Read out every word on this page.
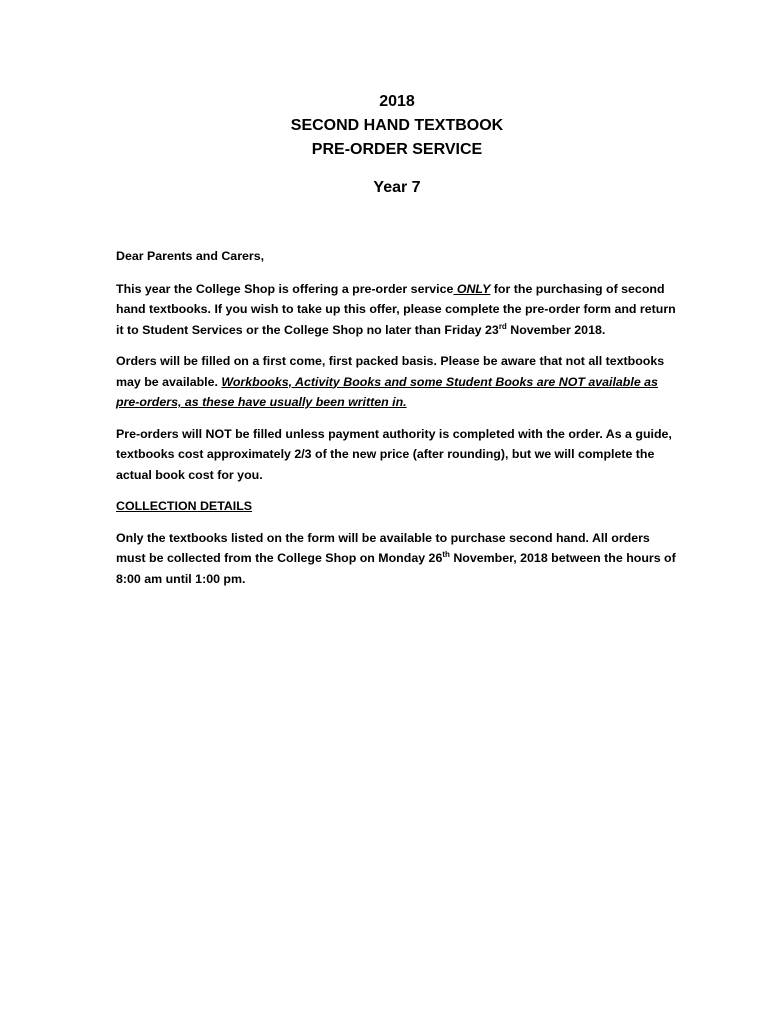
2018
SECOND HAND TEXTBOOK
PRE-ORDER SERVICE
Year 7

Dear Parents and Carers,

This year the College Shop is offering a pre-order service ONLY for the purchasing of second hand textbooks. If you wish to take up this offer, please complete the pre-order form and return it to Student Services or the College Shop no later than Friday 23rd November 2018.

Orders will be filled on a first come, first packed basis. Please be aware that not all textbooks may be available. Workbooks, Activity Books and some Student Books are NOT available as pre-orders, as these have usually been written in.

Pre-orders will NOT be filled unless payment authority is completed with the order. As a guide, textbooks cost approximately 2/3 of the new price (after rounding), but we will complete the actual book cost for you.

COLLECTION DETAILS

Only the textbooks listed on the form will be available to purchase second hand. All orders must be collected from the College Shop on Monday 26th November, 2018 between the hours of 8:00 am until 1:00 pm.
